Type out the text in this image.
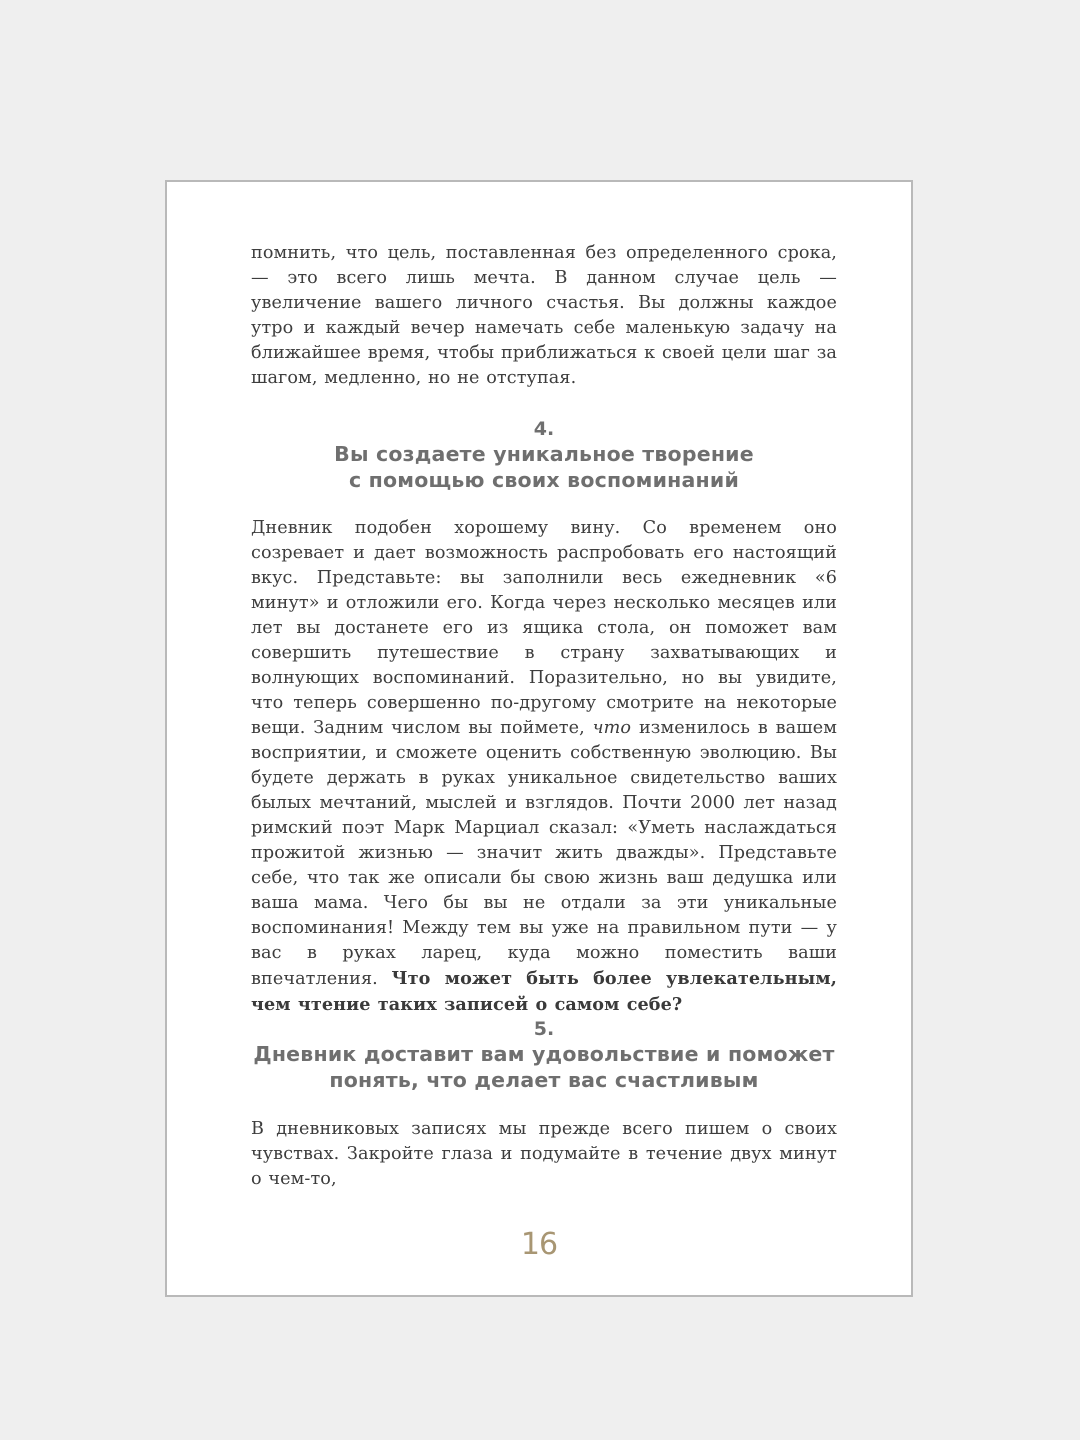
помнить, что цель, поставленная без определенного срока, — это всего лишь мечта. В данном случае цель — увеличение вашего личного счастья. Вы должны каждое утро и каждый вечер намечать себе маленькую задачу на ближайшее время, чтобы приближаться к своей цели шаг за шагом, медленно, но не отступая.

4.
Вы создаете уникальное творение
с помощью своих воспоминаний

Дневник подобен хорошему вину. Со временем оно созревает и дает возможность распробовать его настоящий вкус. Представьте: вы заполнили весь ежедневник «6 минут» и отложили его. Когда через несколько месяцев или лет вы достанете его из ящика стола, он поможет вам совершить путешествие в страну захватывающих и волнующих воспоминаний. Поразительно, но вы увидите, что теперь совершенно по-другому смотрите на некоторые вещи. Задним числом вы поймете, что изменилось в вашем восприятии, и сможете оценить собственную эволюцию. Вы будете держать в руках уникальное свидетельство ваших былых мечтаний, мыслей и взглядов. Почти 2000 лет назад римский поэт Марк Марциал сказал: «Уметь наслаждаться прожитой жизнью — значит жить дважды». Представьте себе, что так же описали бы свою жизнь ваш дедушка или ваша мама. Чего бы вы не отдали за эти уникальные воспоминания! Между тем вы уже на правильном пути — у вас в руках ларец, куда можно поместить ваши впечатления. Что может быть более увлекательным, чем чтение таких записей о самом себе?

5.
Дневник доставит вам удовольствие и поможет
понять, что делает вас счастливым

В дневниковых записях мы прежде всего пишем о своих чувствах. Закройте глаза и подумайте в течение двух минут о чем-то,

16
